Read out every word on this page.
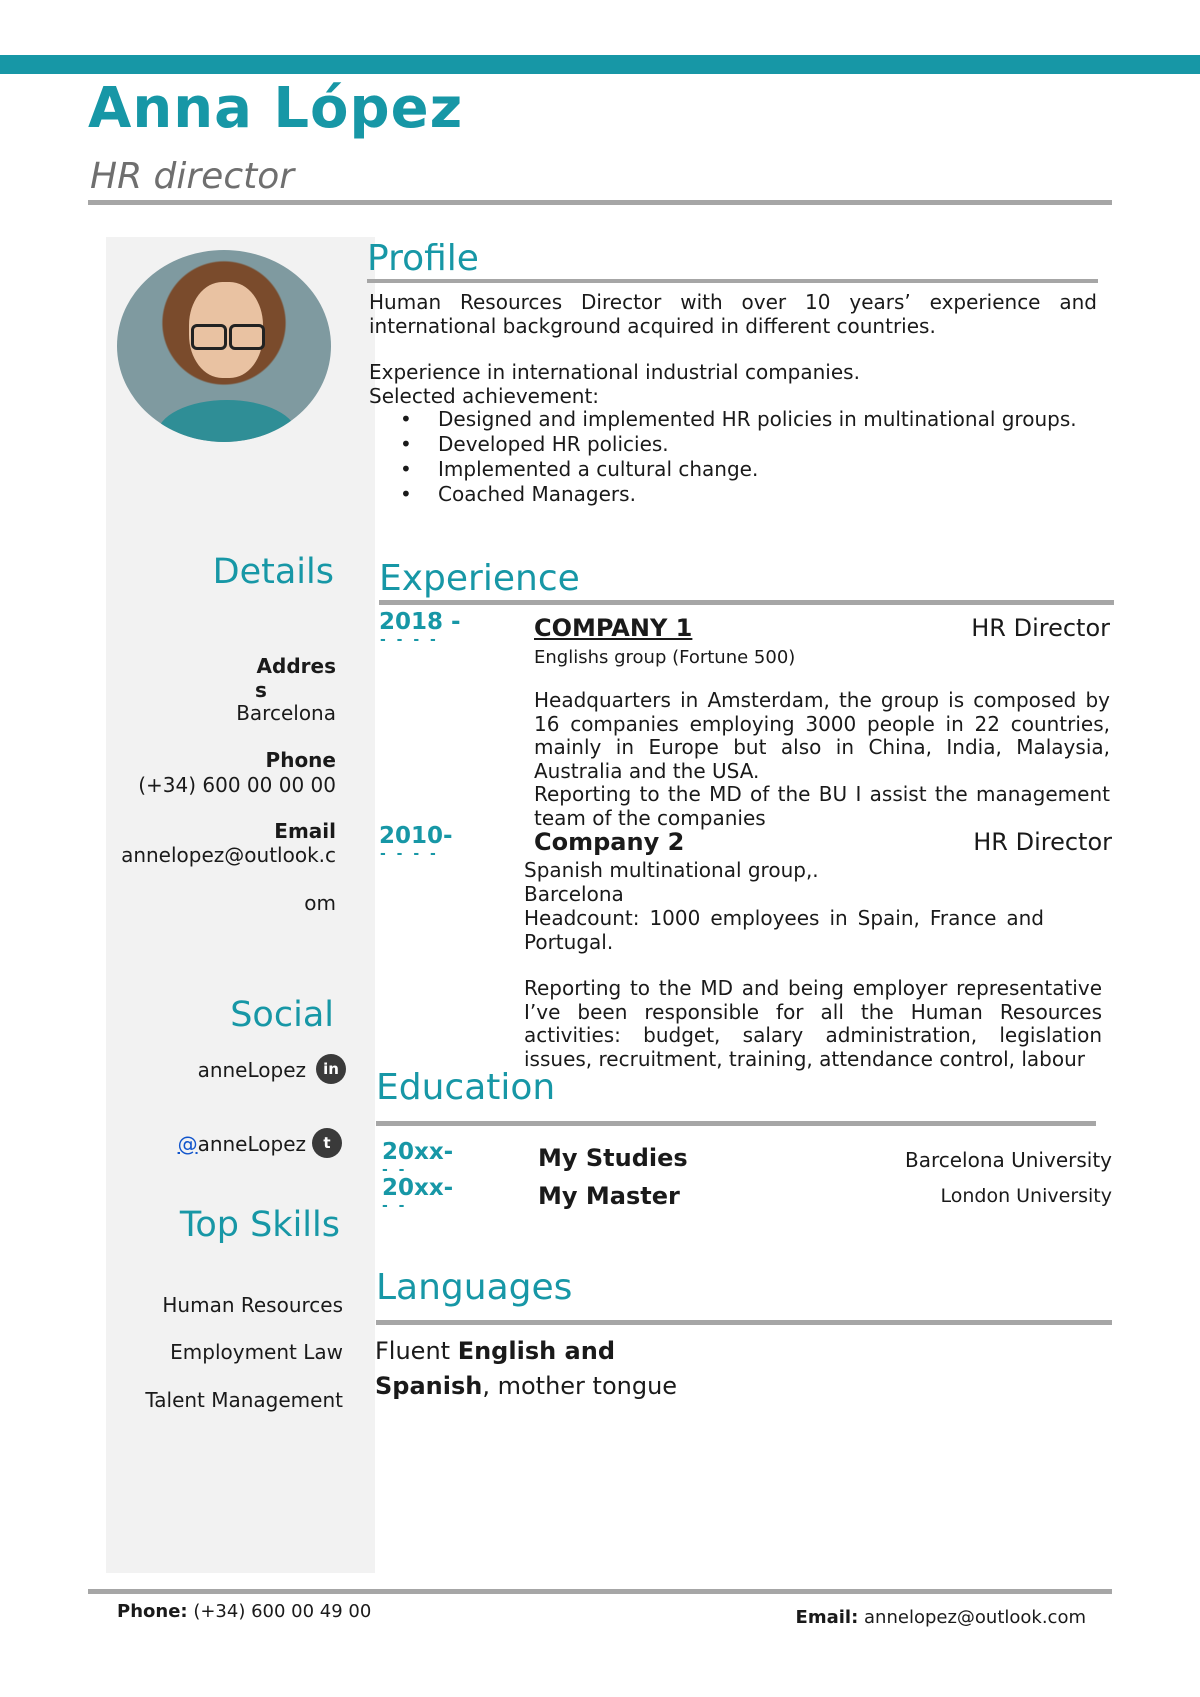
Anna López
HR director
Details
Addres
s
Barcelona
Phone
(+34) 600 00 00 00
Email
annelopez@outlook.c
om
Social
anneLopez	in
@anneLopez	t
Top Skills
Human Resources
Employment Law
Talent Management
Profile
Human Resources Director with over 10 years’ experience and international background acquired in different countries.
Experience in international industrial companies.
Selected achievement:
• Designed and implemented HR policies in multinational groups.
• Developed HR policies.
• Implemented a cultural change.
• Coached Managers.
Experience
2018 -
- - - -	COMPANY 1	HR Director
Englishs group (Fortune 500)
Headquarters in Amsterdam, the group is composed by 16 companies employing 3000 people in 22 countries, mainly in Europe but also in China, India, Malaysia, Australia and the USA.
Reporting to the MD of the BU I assist the management team of the companies
2010-
- - - -	Company 2	HR Director
Spanish multinational group,.
Barcelona
Headcount: 1000 employees in Spain, France and Portugal.
Reporting to the MD and being employer representative I’ve been responsible for all the Human Resources activities: budget, salary administration, legislation issues, recruitment, training, attendance control, labour
Education
20xx-
- -	My Studies	Barcelona University
20xx-
- -	My Master	London University
Languages
Fluent English and
Spanish, mother tongue
Phone: (+34) 600 00 49 00	Email: annelopez@outlook.com
